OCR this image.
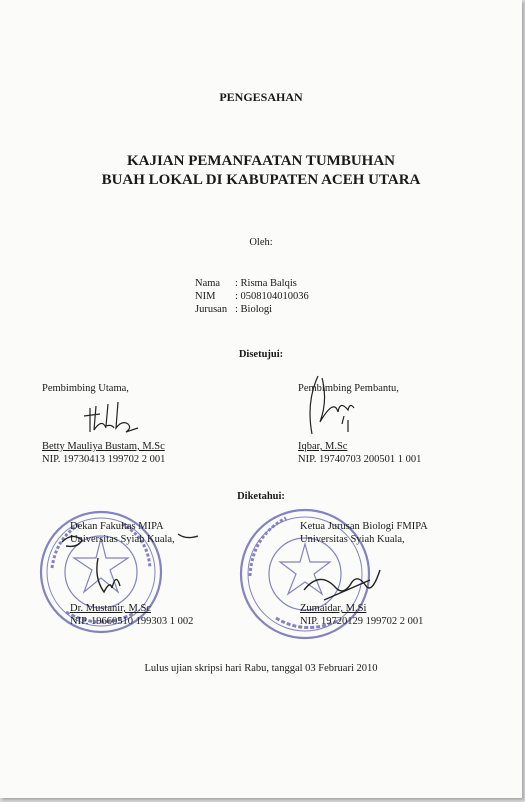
PENGESAHAN
KAJIAN PEMANFAATAN TUMBUHAN
BUAH LOKAL DI KABUPATEN ACEH UTARA
Oleh:
Nama	: Risma Balqis
NIM	: 0508104010036
Jurusan	: Biologi
Disetujui:
Pembimbing Utama,
Betty Mauliya Bustam, M.Sc
NIP. 19730413 199702 2 001
Pembimbing Pembantu,
Iqbar, M.Sc
NIP. 19740703 200501 1 001
Diketahui:
Dekan Fakultas MIPA
Universitas Syiah Kuala,
Dr. Mustanir, M.Sc
NIP. 19660510 199303 1 002
Ketua Jurusan Biologi FMIPA
Universitas Syiah Kuala,
Zumaidar, M.Si
NIP. 19720129 199702 2 001
Lulus ujian skripsi hari Rabu, tanggal 03 Februari 2010
